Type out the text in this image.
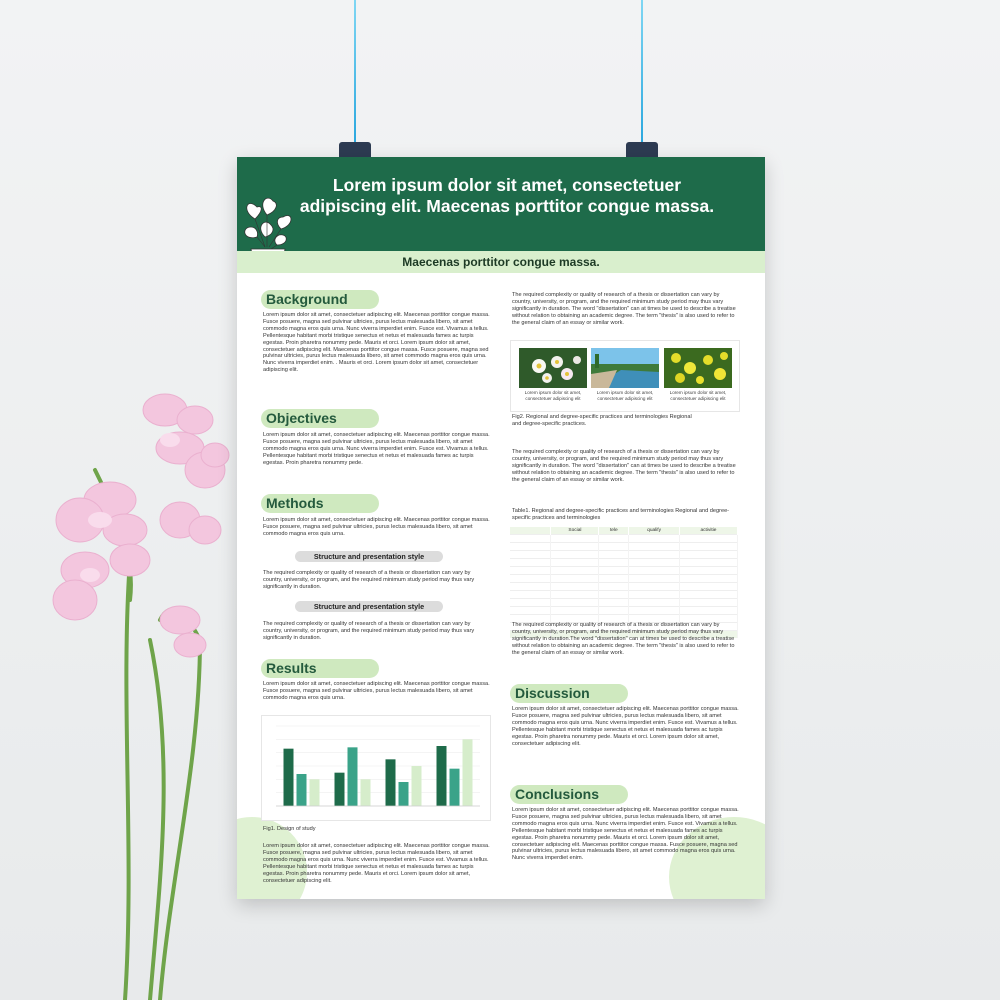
Lorem ipsum dolor sit amet, consectetuer adipiscing elit. Maecenas porttitor congue massa.

Maecenas porttitor congue massa.

Background

Lorem ipsum dolor sit amet, consectetuer adipiscing elit. Maecenas porttitor congue massa. Fusce posuere, magna sed pulvinar ultricies, purus lectus malesuada libero, sit amet commodo magna eros quis urna. Nunc viverra imperdiet enim. Fusce est. Vivamus a tellus. Pellentesque habitant morbi tristique senectus et netus et malesuada fames ac turpis egestas. Proin pharetra nonummy pede. Mauris et orci. Lorem ipsum dolor sit amet, consectetuer adipiscing elit. Maecenas porttitor congue massa. Fusce posuere, magna sed pulvinar ultricies, purus lectus malesuada libero, sit amet commodo magna eros quis urna. Nunc viverra imperdiet enim. . Mauris et orci. Lorem ipsum dolor sit amet, consectetuer adipiscing elit.

Objectives

Lorem ipsum dolor sit amet, consectetuer adipiscing elit. Maecenas porttitor congue massa. Fusce posuere, magna sed pulvinar ultricies, purus lectus malesuada libero, sit amet commodo magna eros quis urna. Nunc viverra imperdiet enim. Fusce est. Vivamus a tellus. Pellentesque habitant morbi tristique senectus et netus et malesuada fames ac turpis egestas. Proin pharetra nonummy pede.

Methods

Lorem ipsum dolor sit amet, consectetuer adipiscing elit. Maecenas porttitor congue massa. Fusce posuere, magna sed pulvinar ultricies, purus lectus malesuada libero, sit amet commodo magna eros quis urna.

Structure and presentation style

The required complexity or quality of research of a thesis or dissertation can vary by country, university, or program, and the required minimum study period may thus vary significantly in duration.

Structure and presentation style

The required complexity or quality of research of a thesis or dissertation can vary by country, university, or program, and the required minimum study period may thus vary significantly in duration.

Results

Lorem ipsum dolor sit amet, consectetuer adipiscing elit. Maecenas porttitor congue massa. Fusce posuere, magna sed pulvinar ultricies, purus lectus malesuada libero, sit amet commodo magna eros quis urna.

Fig1. Design of study

Lorem ipsum dolor sit amet, consectetuer adipiscing elit. Maecenas porttitor congue massa. Fusce posuere, magna sed pulvinar ultricies, purus lectus malesuada libero, sit amet commodo magna eros quis urna. Nunc viverra imperdiet enim. Fusce est. Vivamus a tellus. Pellentesque habitant morbi tristique senectus et netus et malesuada fames ac turpis egestas. Proin pharetra nonummy pede. Mauris et orci. Lorem ipsum dolor sit amet, consectetuer adipiscing elit.

The required complexity or quality of research of a thesis or dissertation can vary by country, university, or program, and the required minimum study period may thus vary significantly in duration. The word "dissertation" can at times be used to describe a treatise without relation to obtaining an academic degree. The term "thesis" is also used to refer to the general claim of an essay or similar work.

Lorem ipsum dolor sit amet, consectetuer adipiscing elit

Lorem ipsum dolor sit amet, consectetuer adipiscing elit

Lorem ipsum dolor sit amet, consectetuer adipiscing elit

Fig2. Regional and degree-specific practices and terminologies Regional and degree-specific practices.

The required complexity or quality of research of a thesis or dissertation can vary by country, university, or program, and the required minimum study period may thus vary significantly in duration. The word "dissertation" can at times be used to describe a treatise without relation to obtaining an academic degree. The term "thesis" is also used to refer to the general claim of an essay or similar work.

Table1. Regional and degree-specific practices and terminologies Regional and degree-specific practices and terminologies

	Social	tele	qualify	activitie

The required complexity or quality of research of a thesis or dissertation can vary by country, university, or program, and the required minimum study period may thus vary significantly in duration.The word "dissertation" can at times be used to describe a treatise without relation to obtaining an academic degree. The term "thesis" is also used to refer to the general claim of an essay or similar work.

Discussion

Lorem ipsum dolor sit amet, consectetuer adipiscing elit. Maecenas porttitor congue massa. Fusce posuere, magna sed pulvinar ultricies, purus lectus malesuada libero, sit amet commodo magna eros quis urna. Nunc viverra imperdiet enim. Fusce est. Vivamus a tellus. Pellentesque habitant morbi tristique senectus et netus et malesuada fames ac turpis egestas. Proin pharetra nonummy pede. Mauris et orci. Lorem ipsum dolor sit amet, consectetuer adipiscing elit.

Conclusions

Lorem ipsum dolor sit amet, consectetuer adipiscing elit. Maecenas porttitor congue massa. Fusce posuere, magna sed pulvinar ultricies, purus lectus malesuada libero, sit amet commodo magna eros quis urna. Nunc viverra imperdiet enim. Fusce est. Vivamus a tellus. Pellentesque habitant morbi tristique senectus et netus et malesuada fames ac turpis egestas. Proin pharetra nonummy pede. Mauris et orci. Lorem ipsum dolor sit amet, consectetuer adipiscing elit. Maecenas porttitor congue massa. Fusce posuere, magna sed pulvinar ultricies, purus lectus malesuada libero, sit amet commodo magna eros quis urna. Nunc viverra imperdiet enim.
